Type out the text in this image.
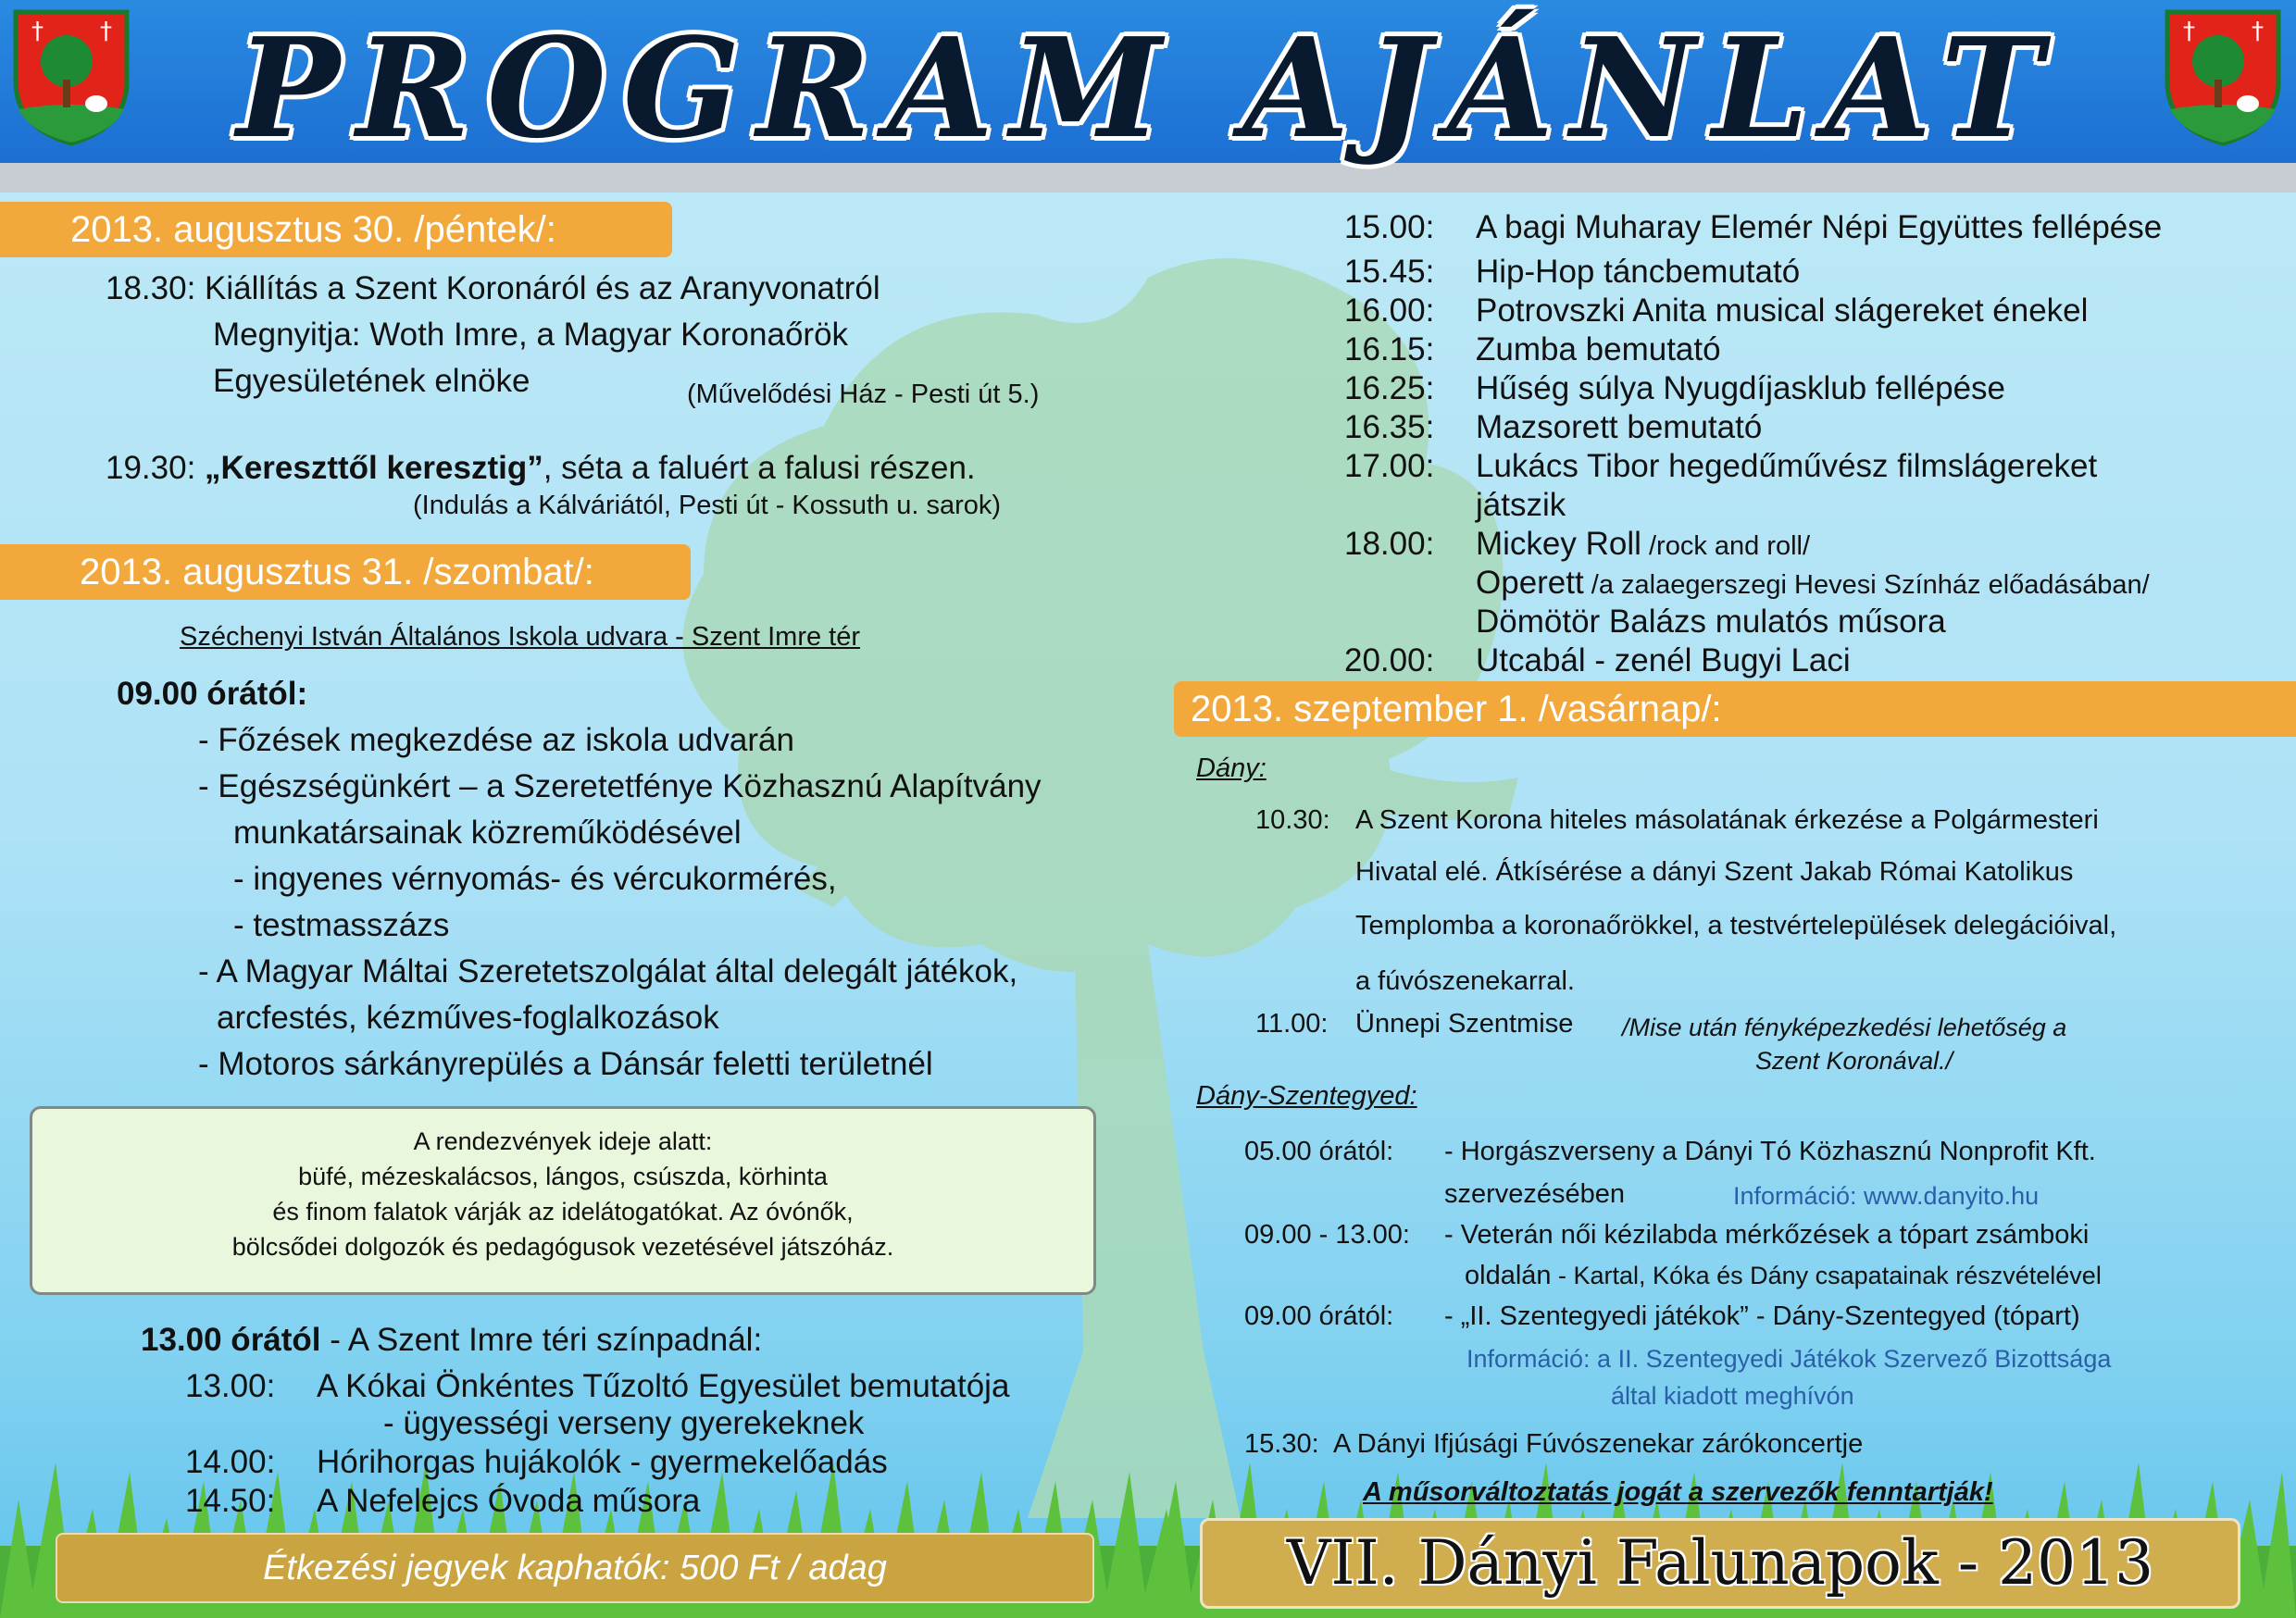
PROGRAM AJÁNLAT
† †	† †
2013. augusztus 30. /péntek/:
18.30: Kiállítás a Szent Koronáról és az Aranyvonatról
Megnyitja: Woth Imre, a Magyar Koronaőrök
Egyesületének elnöke	(Művelődési Ház - Pesti út 5.)
19.30: „Kereszttől keresztig”, séta a faluért a falusi részen.
(Indulás a Kálváriától, Pesti út - Kossuth u. sarok)
2013. augusztus 31. /szombat/:
Széchenyi István Általános Iskola udvara - Szent Imre tér
09.00 órától:
- Főzések megkezdése az iskola udvarán
- Egészségünkért – a Szeretetfénye Közhasznú Alapítvány
munkatársainak közreműködésével
- ingyenes vérnyomás- és vércukormérés,
- testmasszázs
- A Magyar Máltai Szeretetszolgálat által delegált játékok,
arcfestés, kézműves-foglalkozások
- Motoros sárkányrepülés a Dánsár feletti területnél
A rendezvények ideje alatt:
büfé, mézeskalácsos, lángos, csúszda, körhinta
és finom falatok várják az idelátogatókat. Az óvónők,
bölcsődei dolgozók és pedagógusok vezetésével játszóház.
13.00 órától - A Szent Imre téri színpadnál:
13.00: A Kókai Önkéntes Tűzoltó Egyesület bemutatója
- ügyességi verseny gyerekeknek
14.00: Hórihorgas hujákolók - gyermekelőadás
14.50: A Nefelejcs Óvoda műsora
15.00: A bagi Muharay Elemér Népi Együttes fellépése
15.45: Hip-Hop táncbemutató
16.00: Potrovszki Anita musical slágereket énekel
16.15: Zumba bemutató
16.25: Hűség súlya Nyugdíjasklub fellépése
16.35: Mazsorett bemutató
17.00: Lukács Tibor hegedűművész filmslágereket
játszik
18.00: Mickey Roll /rock and roll/
Operett /a zalaegerszegi Hevesi Színház előadásában/
Dömötör Balázs mulatós műsora
20.00: Utcabál - zenél Bugyi Laci
2013. szeptember 1. /vasárnap/:
Dány:
10.30: A Szent Korona hiteles másolatának érkezése a Polgármesteri
Hivatal elé. Átkísérése a dányi Szent Jakab Római Katolikus
Templomba a koronaőrökkel, a testvértelepülések delegációival,
a fúvószenekarral.
11.00: Ünnepi Szentmise /Mise után fényképezkedési lehetőség a
Szent Koronával./
Dány-Szentegyed:
05.00 órától: - Horgászverseny a Dányi Tó Közhasznú Nonprofit Kft.
szervezésében	Információ: www.danyito.hu
09.00 - 13.00: - Veterán női kézilabda mérkőzések a tópart zsámboki
oldalán - Kartal, Kóka és Dány csapatainak részvételével
09.00 órától: - „II. Szentegyedi játékok” - Dány-Szentegyed (tópart)
Információ: a II. Szentegyedi Játékok Szervező Bizottsága
által kiadott meghívón
15.30: A Dányi Ifjúsági Fúvószenekar zárókoncertje
A műsorváltoztatás jogát a szervezők fenntartják!
Étkezési jegyek kaphatók: 500 Ft / adag	VII. Dányi Falunapok - 2013
